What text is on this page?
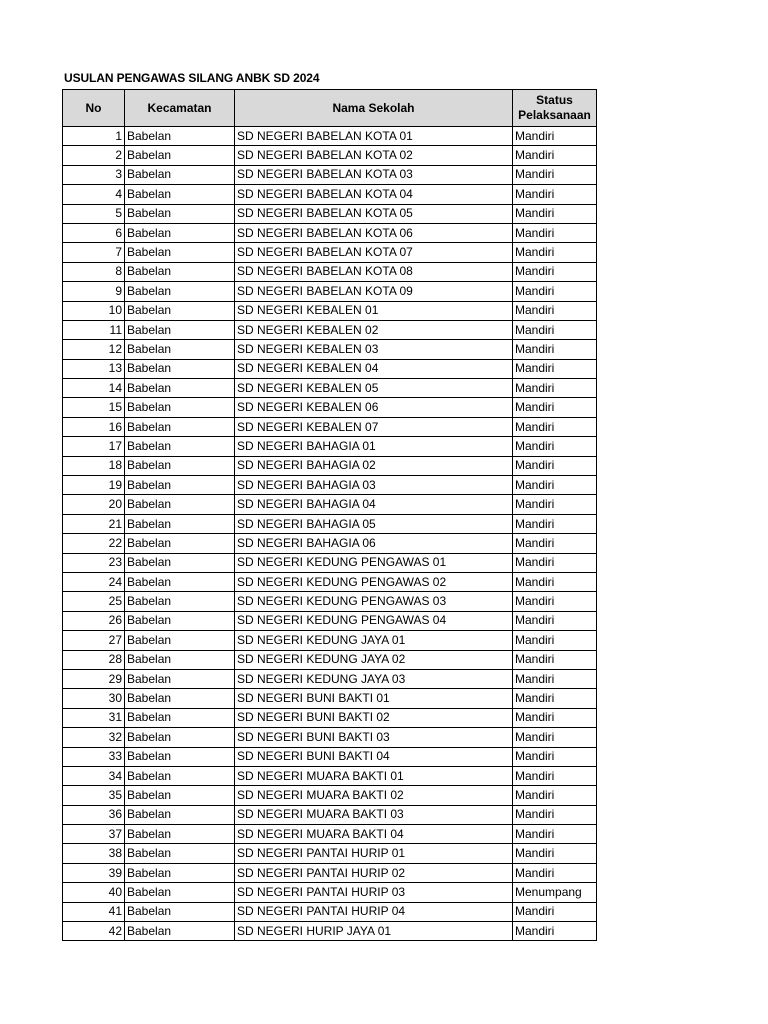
USULAN PENGAWAS SILANG ANBK SD 2024
No	Kecamatan	Nama Sekolah	Status Pelaksanaan
1	Babelan	SD NEGERI BABELAN KOTA 01	Mandiri
2	Babelan	SD NEGERI BABELAN KOTA 02	Mandiri
3	Babelan	SD NEGERI BABELAN KOTA 03	Mandiri
4	Babelan	SD NEGERI BABELAN KOTA 04	Mandiri
5	Babelan	SD NEGERI BABELAN KOTA 05	Mandiri
6	Babelan	SD NEGERI BABELAN KOTA 06	Mandiri
7	Babelan	SD NEGERI BABELAN KOTA 07	Mandiri
8	Babelan	SD NEGERI BABELAN KOTA 08	Mandiri
9	Babelan	SD NEGERI BABELAN KOTA 09	Mandiri
10	Babelan	SD NEGERI KEBALEN 01	Mandiri
11	Babelan	SD NEGERI KEBALEN 02	Mandiri
12	Babelan	SD NEGERI KEBALEN 03	Mandiri
13	Babelan	SD NEGERI KEBALEN 04	Mandiri
14	Babelan	SD NEGERI KEBALEN 05	Mandiri
15	Babelan	SD NEGERI KEBALEN 06	Mandiri
16	Babelan	SD NEGERI KEBALEN 07	Mandiri
17	Babelan	SD NEGERI BAHAGIA 01	Mandiri
18	Babelan	SD NEGERI BAHAGIA 02	Mandiri
19	Babelan	SD NEGERI BAHAGIA 03	Mandiri
20	Babelan	SD NEGERI BAHAGIA 04	Mandiri
21	Babelan	SD NEGERI BAHAGIA 05	Mandiri
22	Babelan	SD NEGERI BAHAGIA 06	Mandiri
23	Babelan	SD NEGERI KEDUNG PENGAWAS 01	Mandiri
24	Babelan	SD NEGERI KEDUNG PENGAWAS 02	Mandiri
25	Babelan	SD NEGERI KEDUNG PENGAWAS 03	Mandiri
26	Babelan	SD NEGERI KEDUNG PENGAWAS 04	Mandiri
27	Babelan	SD NEGERI KEDUNG JAYA 01	Mandiri
28	Babelan	SD NEGERI KEDUNG JAYA 02	Mandiri
29	Babelan	SD NEGERI KEDUNG JAYA 03	Mandiri
30	Babelan	SD NEGERI BUNI BAKTI 01	Mandiri
31	Babelan	SD NEGERI BUNI BAKTI 02	Mandiri
32	Babelan	SD NEGERI BUNI BAKTI 03	Mandiri
33	Babelan	SD NEGERI BUNI BAKTI 04	Mandiri
34	Babelan	SD NEGERI MUARA BAKTI 01	Mandiri
35	Babelan	SD NEGERI MUARA BAKTI 02	Mandiri
36	Babelan	SD NEGERI MUARA BAKTI 03	Mandiri
37	Babelan	SD NEGERI MUARA BAKTI 04	Mandiri
38	Babelan	SD NEGERI PANTAI HURIP 01	Mandiri
39	Babelan	SD NEGERI PANTAI HURIP 02	Mandiri
40	Babelan	SD NEGERI PANTAI HURIP 03	Menumpang
41	Babelan	SD NEGERI PANTAI HURIP 04	Mandiri
42	Babelan	SD NEGERI HURIP JAYA 01	Mandiri
